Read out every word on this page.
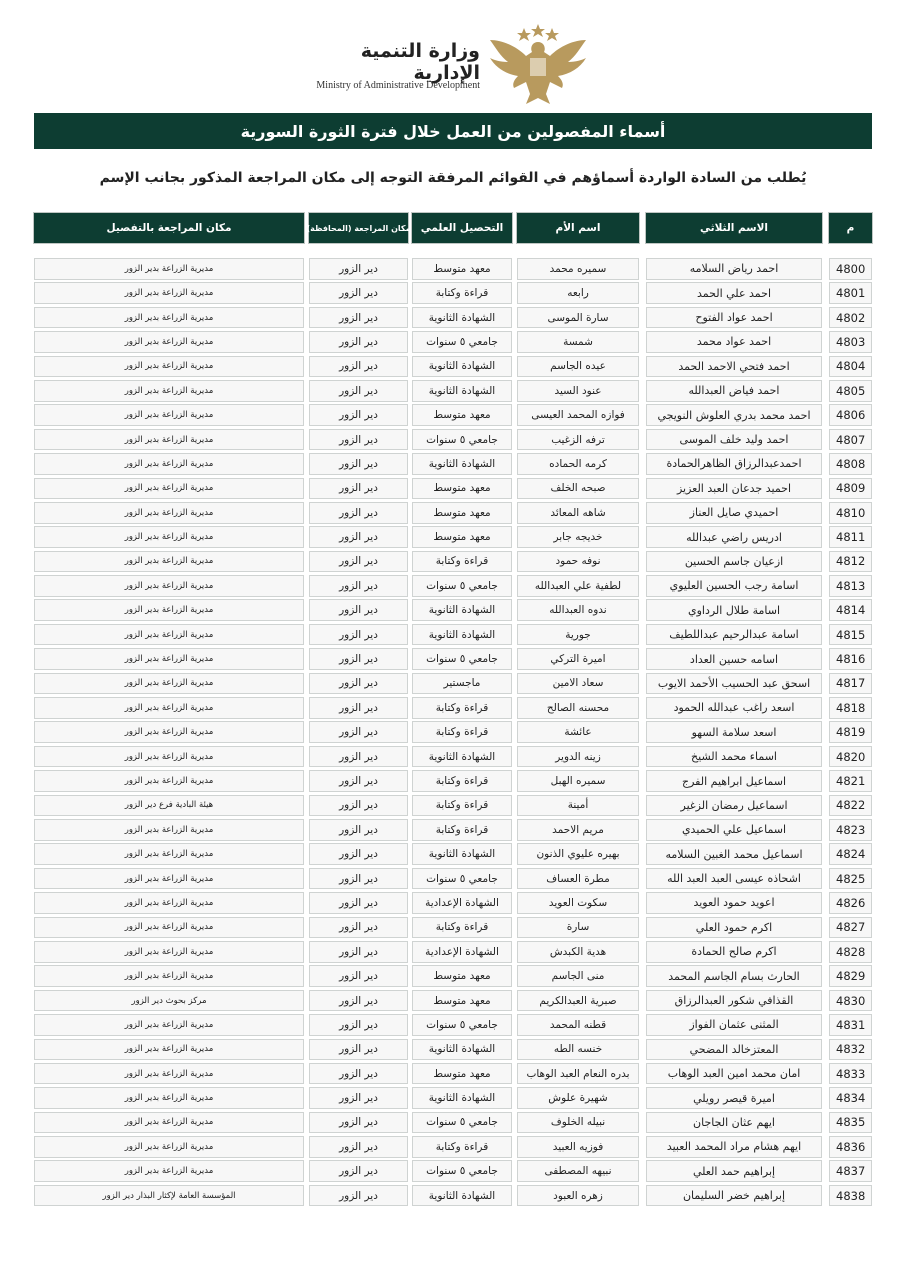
وزارة التنمية الإدارية
Ministry of Administrative Development
أسماء المفصولين من العمل خلال فترة الثورة السورية
يُطلب من السادة الواردة أسماؤهم في القوائم المرفقة التوجه إلى مكان المراجعة المذكور بجانب الإسم
م
الاسم الثلاثي
اسم الأم
التحصيل العلمي
مكان المراجعة (المحافظة)
مكان المراجعة بالتفصيل
4800
احمد رياض السلامه
سميره محمد
معهد متوسط
دير الزور
مديرية الزراعة بدير الزور
4801
احمد علي الحمد
رابعه
قراءة وكتابة
دير الزور
مديرية الزراعة بدير الزور
4802
احمد عواد الفتوح
سارة الموسى
الشهادة الثانوية
دير الزور
مديرية الزراعة بدير الزور
4803
احمد عواد محمد
شمسة
جامعي ٥ سنوات
دير الزور
مديرية الزراعة بدير الزور
4804
احمد فتحي الاحمد الحمد
عيده الجاسم
الشهادة الثانوية
دير الزور
مديرية الزراعة بدير الزور
4805
احمد فياض العبدالله
عنود السيد
الشهادة الثانوية
دير الزور
مديرية الزراعة بدير الزور
4806
احمد محمد بدري العلوش النويجي
فوازه المحمد العيسى
معهد متوسط
دير الزور
مديرية الزراعة بدير الزور
4807
احمد وليد خلف الموسى
ترفه الزغيب
جامعي ٥ سنوات
دير الزور
مديرية الزراعة بدير الزور
4808
احمدعبدالرزاق الظاهرالحمادة
كرمه الحماده
الشهادة الثانوية
دير الزور
مديرية الزراعة بدير الزور
4809
احميد جدعان العبد العزيز
صبحه الخلف
معهد متوسط
دير الزور
مديرية الزراعة بدير الزور
4810
احميدي صايل العناز
شاهه المعائد
معهد متوسط
دير الزور
مديرية الزراعة بدير الزور
4811
ادريس راضي عبدالله
خديجه جابر
معهد متوسط
دير الزور
مديرية الزراعة بدير الزور
4812
ازعيان جاسم الحسين
نوفه حمود
قراءة وكتابة
دير الزور
مديرية الزراعة بدير الزور
4813
اسامة رجب الحسين العليوي
لطفية علي العبدالله
جامعي ٥ سنوات
دير الزور
مديرية الزراعة بدير الزور
4814
اسامة طلال الرداوي
ندوه العبدالله
الشهادة الثانوية
دير الزور
مديرية الزراعة بدير الزور
4815
اسامة عبدالرحيم عبداللطيف
جورية
الشهادة الثانوية
دير الزور
مديرية الزراعة بدير الزور
4816
اسامه حسين العداد
اميرة التركي
جامعي ٥ سنوات
دير الزور
مديرية الزراعة بدير الزور
4817
اسحق عبد الحسيب الأحمد الايوب
سعاد الامين
ماجستير
دير الزور
مديرية الزراعة بدير الزور
4818
اسعد راغب عبدالله الحمود
محسنه الصالح
قراءة وكتابة
دير الزور
مديرية الزراعة بدير الزور
4819
اسعد سلامة السهو
عائشة
قراءة وكتابة
دير الزور
مديرية الزراعة بدير الزور
4820
اسماء محمد الشيخ
زينه الدوير
الشهادة الثانوية
دير الزور
مديرية الزراعة بدير الزور
4821
اسماعيل ابراهيم الفرج
سميره الهبل
قراءة وكتابة
دير الزور
مديرية الزراعة بدير الزور
4822
اسماعيل رمضان الزغير
أمينة
قراءة وكتابة
دير الزور
هيئة البادية فرع دير الزور
4823
اسماعيل علي الحميدي
مريم الاحمد
قراءة وكتابة
دير الزور
مديرية الزراعة بدير الزور
4824
اسماعيل محمد الغبين السلامه
بهيره عليوي الذنون
الشهادة الثانوية
دير الزور
مديرية الزراعة بدير الزور
4825
اشحاذه عيسى العبد العبد الله
مطرة العساف
جامعي ٥ سنوات
دير الزور
مديرية الزراعة بدير الزور
4826
اعويد حمود العويد
سكوت العويد
الشهادة الإعدادية
دير الزور
مديرية الزراعة بدير الزور
4827
اكرم حمود العلي
سارة
قراءة وكتابة
دير الزور
مديرية الزراعة بدير الزور
4828
اكرم صالح الحمادة
هدية الكبدش
الشهادة الإعدادية
دير الزور
مديرية الزراعة بدير الزور
4829
الحارث بسام الجاسم المحمد
منى الجاسم
معهد متوسط
دير الزور
مديرية الزراعة بدير الزور
4830
القذافي شكور العبدالرزاق
صبرية العبدالكريم
معهد متوسط
دير الزور
مركز بحوث دير الزور
4831
المثنى عثمان الفواز
قطنه المحمد
جامعي ٥ سنوات
دير الزور
مديرية الزراعة بدير الزور
4832
المعتزخالد المضحي
خنسه الطه
الشهادة الثانوية
دير الزور
مديرية الزراعة بدير الزور
4833
امان محمد امين العبد الوهاب
بدره النعام العبد الوهاب
معهد متوسط
دير الزور
مديرية الزراعة بدير الزور
4834
اميرة قيصر رويلي
شهيرة علوش
الشهادة الثانوية
دير الزور
مديرية الزراعة بدير الزور
4835
ايهم عثان الجاجان
نبيله الخلوف
جامعي ٥ سنوات
دير الزور
مديرية الزراعة بدير الزور
4836
ايهم هشام مراد المحمد العبيد
فوزيه العبيد
قراءة وكتابة
دير الزور
مديرية الزراعة بدير الزور
4837
إبراهيم حمد العلي
نبيهه المصطفى
جامعي ٥ سنوات
دير الزور
مديرية الزراعة بدير الزور
4838
إبراهيم خضر السليمان
زهره العبود
الشهادة الثانوية
دير الزور
المؤسسة العامة لإكثار البذار دير الزور
